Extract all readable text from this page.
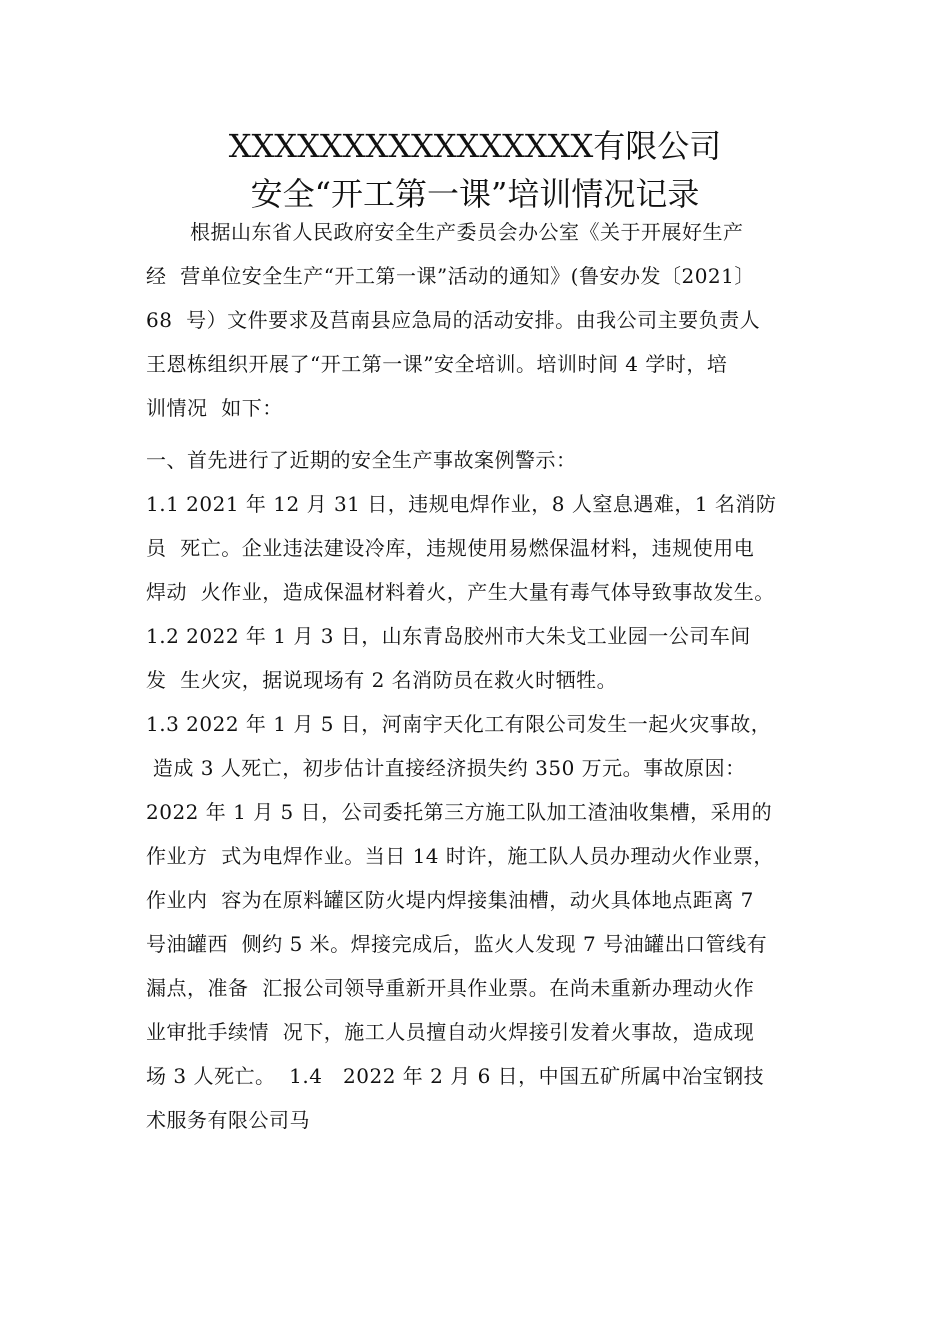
XXXXXXXXXXXXXXXX有限公司
安全“开工第一课”培训情况记录
根据山东省人民政府安全生产委员会办公室《关于开展好生产
经  营单位安全生产“开工第一课”活动的通知》(鲁安办发〔2021〕
68  号）文件要求及莒南县应急局的活动安排。由我公司主要负责人
王恩栋组织开展了“开工第一课”安全培训。培训时间 4 学时，培
训情况  如下：
一、首先进行了近期的安全生产事故案例警示：
1.1 2021 年 12 月 31 日，违规电焊作业，8 人窒息遇难，1 名消防
员  死亡。企业违法建设冷库，违规使用易燃保温材料，违规使用电
焊动  火作业，造成保温材料着火，产生大量有毒气体导致事故发生。
1.2 2022 年 1 月 3 日，山东青岛胶州市大朱戈工业园一公司车间
发  生火灾，据说现场有 2 名消防员在救火时牺牲。
1.3 2022 年 1 月 5 日，河南宇天化工有限公司发生一起火灾事故，
造成 3 人死亡，初步估计直接经济损失约 350 万元。事故原因：
2022 年 1 月 5 日，公司委托第三方施工队加工渣油收集槽，采用的
作业方  式为电焊作业。当日 14 时许，施工队人员办理动火作业票，
作业内  容为在原料罐区防火堤内焊接集油槽，动火具体地点距离 7
号油罐西  侧约 5 米。焊接完成后，监火人发现 7 号油罐出口管线有
漏点，准备  汇报公司领导重新开具作业票。在尚未重新办理动火作
业审批手续情  况下，施工人员擅自动火焊接引发着火事故，造成现
场 3 人死亡。  1.4   2022 年 2 月 6 日，中国五矿所属中冶宝钢技
术服务有限公司马
